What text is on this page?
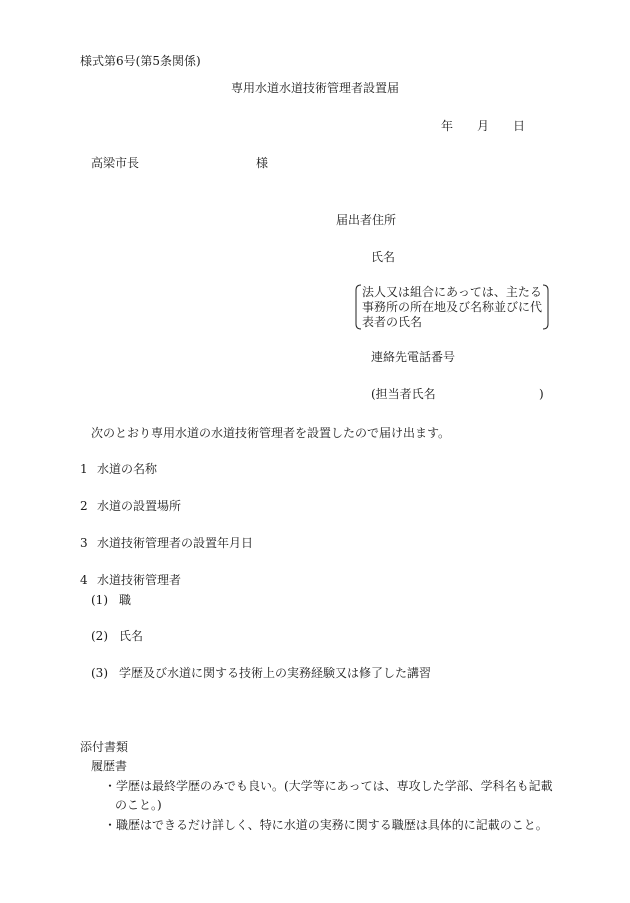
様式第6号(第5条関係)
専用水道水道技術管理者設置届
年 月 日
高梁市長	様
届出者住所
氏名
法人又は組合にあっては、主たる
事務所の所在地及び名称並びに代
表者の氏名
連絡先電話番号
(担当者氏名	)
次のとおり専用水道の水道技術管理者を設置したので届け出ます。
1 水道の名称
2 水道の設置場所
3 水道技術管理者の設置年月日
4 水道技術管理者
(1) 職
(2) 氏名
(3) 学歴及び水道に関する技術上の実務経験又は修了した講習
添付書類
履歴書
・学歴は最終学歴のみでも良い。(大学等にあっては、専攻した学部、学科名も記載
のこと。)
・職歴はできるだけ詳しく、特に水道の実務に関する職歴は具体的に記載のこと。
